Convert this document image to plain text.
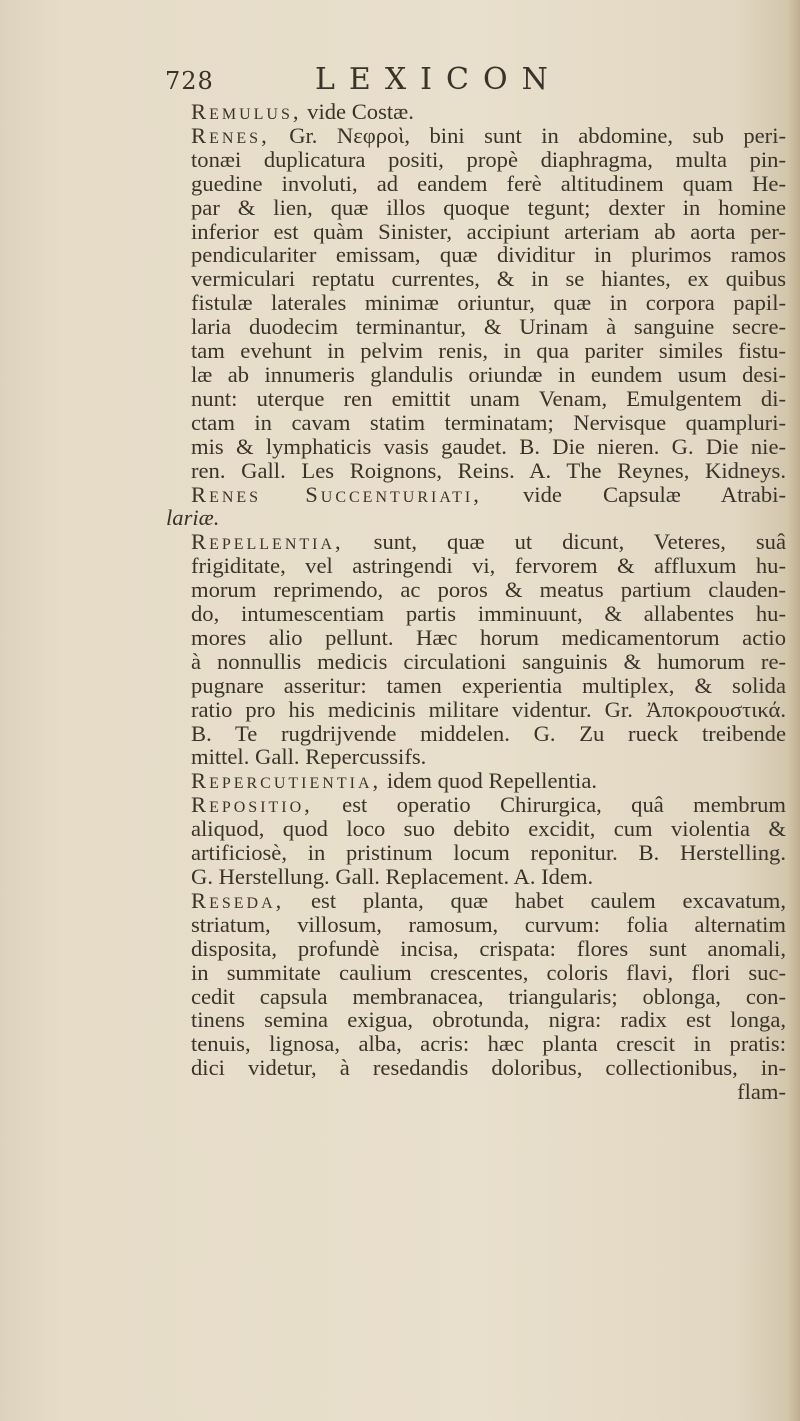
728	LEXICON

Remulus, vide Costæ.

Renes, Gr. Νεφροὶ, bini sunt in abdomine, sub peri-
tonæi duplicatura positi, propè diaphragma, multa pin-
guedine involuti, ad eandem ferè altitudinem quam He-
par & lien, quæ illos quoque tegunt; dexter in homine
inferior est quàm Sinister, accipiunt arteriam ab aorta per-
pendiculariter emissam, quæ dividitur in plurimos ramos
vermiculari reptatu currentes, & in se hiantes, ex quibus
fistulæ laterales minimæ oriuntur, quæ in corpora papil-
laria duodecim terminantur, & Urinam à sanguine secre-
tam evehunt in pelvim renis, in qua pariter similes fistu-
læ ab innumeris glandulis oriundæ in eundem usum desi-
nunt: uterque ren emittit unam Venam, Emulgentem di-
ctam in cavam statim terminatam; Nervisque quampluri-
mis & lymphaticis vasis gaudet. B. Die nieren. G. Die nie-
ren. Gall. Les Roignons, Reins. A. The Reynes, Kidneys.

Renes Succenturiati, vide Capsulæ Atrabi-
lariæ.

Repellentia, sunt, quæ ut dicunt, Veteres, suâ
frigiditate, vel astringendi vi, fervorem & affluxum hu-
morum reprimendo, ac poros & meatus partium clauden-
do, intumescentiam partis imminuunt, & allabentes hu-
mores alio pellunt. Hæc horum medicamentorum actio
à nonnullis medicis circulationi sanguinis & humorum re-
pugnare asseritur: tamen experientia multiplex, & solida
ratio pro his medicinis militare videntur. Gr. Ἀποκρουστικά.
B. Te rugdrijvende middelen. G. Zu rueck treibende
mittel. Gall. Repercussifs.

Repercutientia, idem quod Repellentia.

Repositio, est operatio Chirurgica, quâ membrum
aliquod, quod loco suo debito excidit, cum violentia &
artificiosè, in pristinum locum reponitur. B. Herstelling.
G. Herstellung. Gall. Replacement. A. Idem.

Reseda, est planta, quæ habet caulem excavatum,
striatum, villosum, ramosum, curvum: folia alternatim
disposita, profundè incisa, crispata: flores sunt anomali,
in summitate caulium crescentes, coloris flavi, flori suc-
cedit capsula membranacea, triangularis; oblonga, con-
tinens semina exigua, obrotunda, nigra: radix est longa,
tenuis, lignosa, alba, acris: hæc planta crescit in pratis:
dici videtur, à resedandis doloribus, collectionibus, in-
flam-
